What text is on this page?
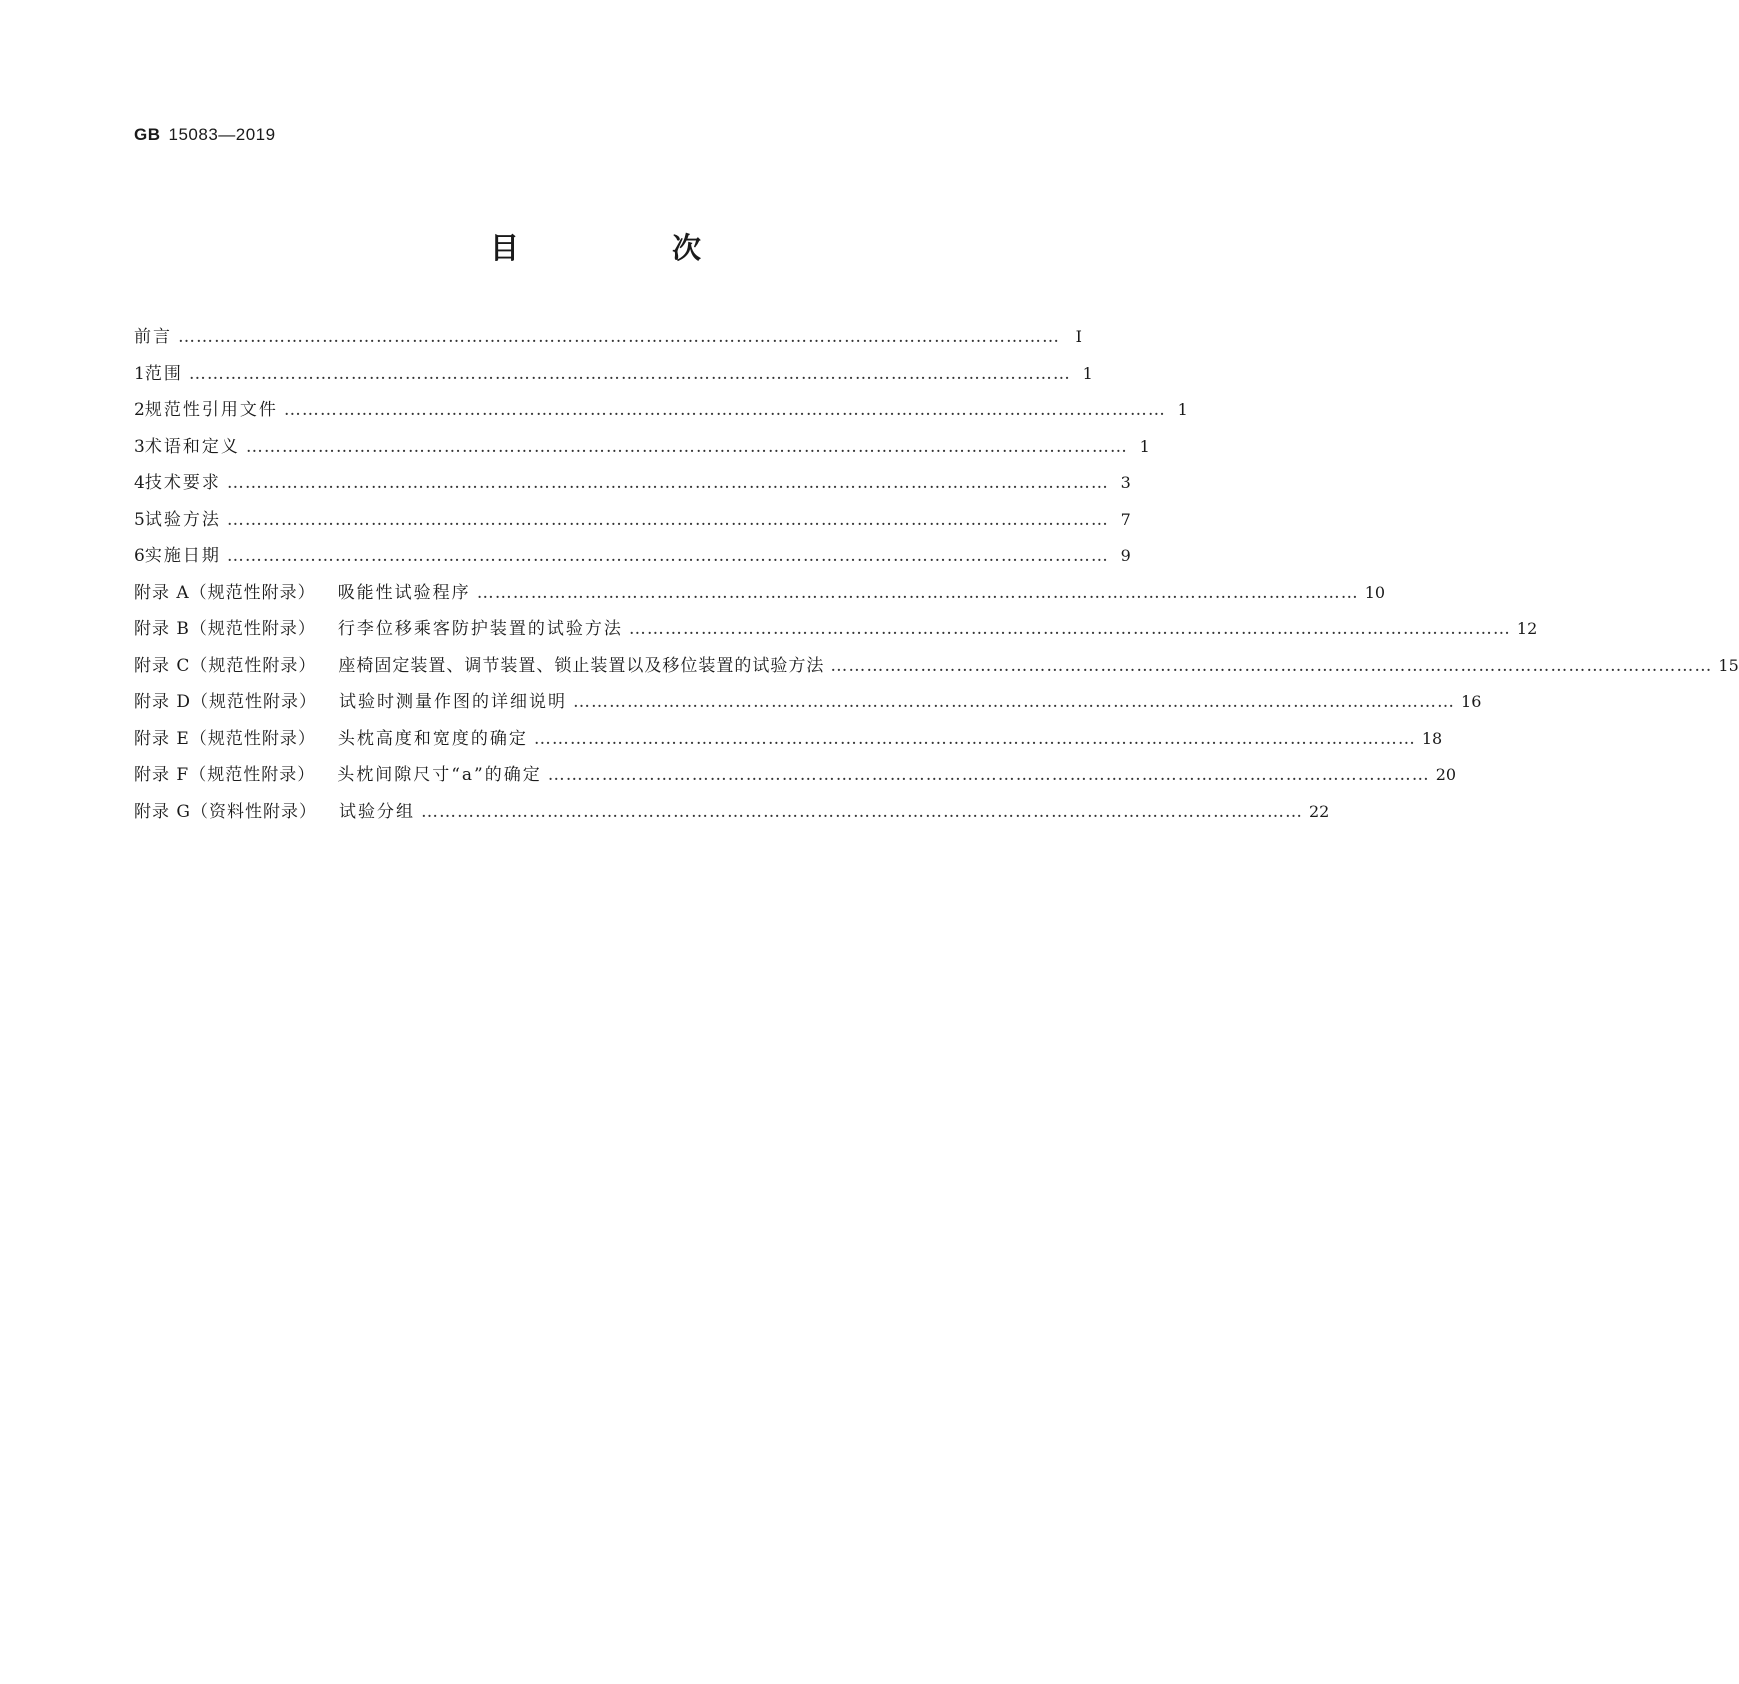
GB 15083—2019
目　次
前言 ………………………………………………………………………………………………………………………………… Ⅰ
1 范围 ………………………………………………………………………………………………………………………………… 1
2 规范性引用文件 ………………………………………………………………………………………………………………………………… 1
3 术语和定义 ………………………………………………………………………………………………………………………………… 1
4 技术要求 ………………………………………………………………………………………………………………………………… 3
5 试验方法 ………………………………………………………………………………………………………………………………… 7
6 实施日期 ………………………………………………………………………………………………………………………………… 9
附录 A（规范性附录） 吸能性试验程序 ………………………………………………………………………………………………………………………………… 10
附录 B（规范性附录） 行李位移乘客防护装置的试验方法 ………………………………………………………………………………………………………………………………… 12
附录 C（规范性附录） 座椅固定装置、调节装置、锁止装置以及移位装置的试验方法 ………………………………………………………………………………………………………………………………… 15
附录 D（规范性附录） 试验时测量作图的详细说明 ………………………………………………………………………………………………………………………………… 16
附录 E（规范性附录） 头枕高度和宽度的确定 ………………………………………………………………………………………………………………………………… 18
附录 F（规范性附录） 头枕间隙尺寸“a”的确定 ………………………………………………………………………………………………………………………………… 20
附录 G（资料性附录） 试验分组 ………………………………………………………………………………………………………………………………… 22
